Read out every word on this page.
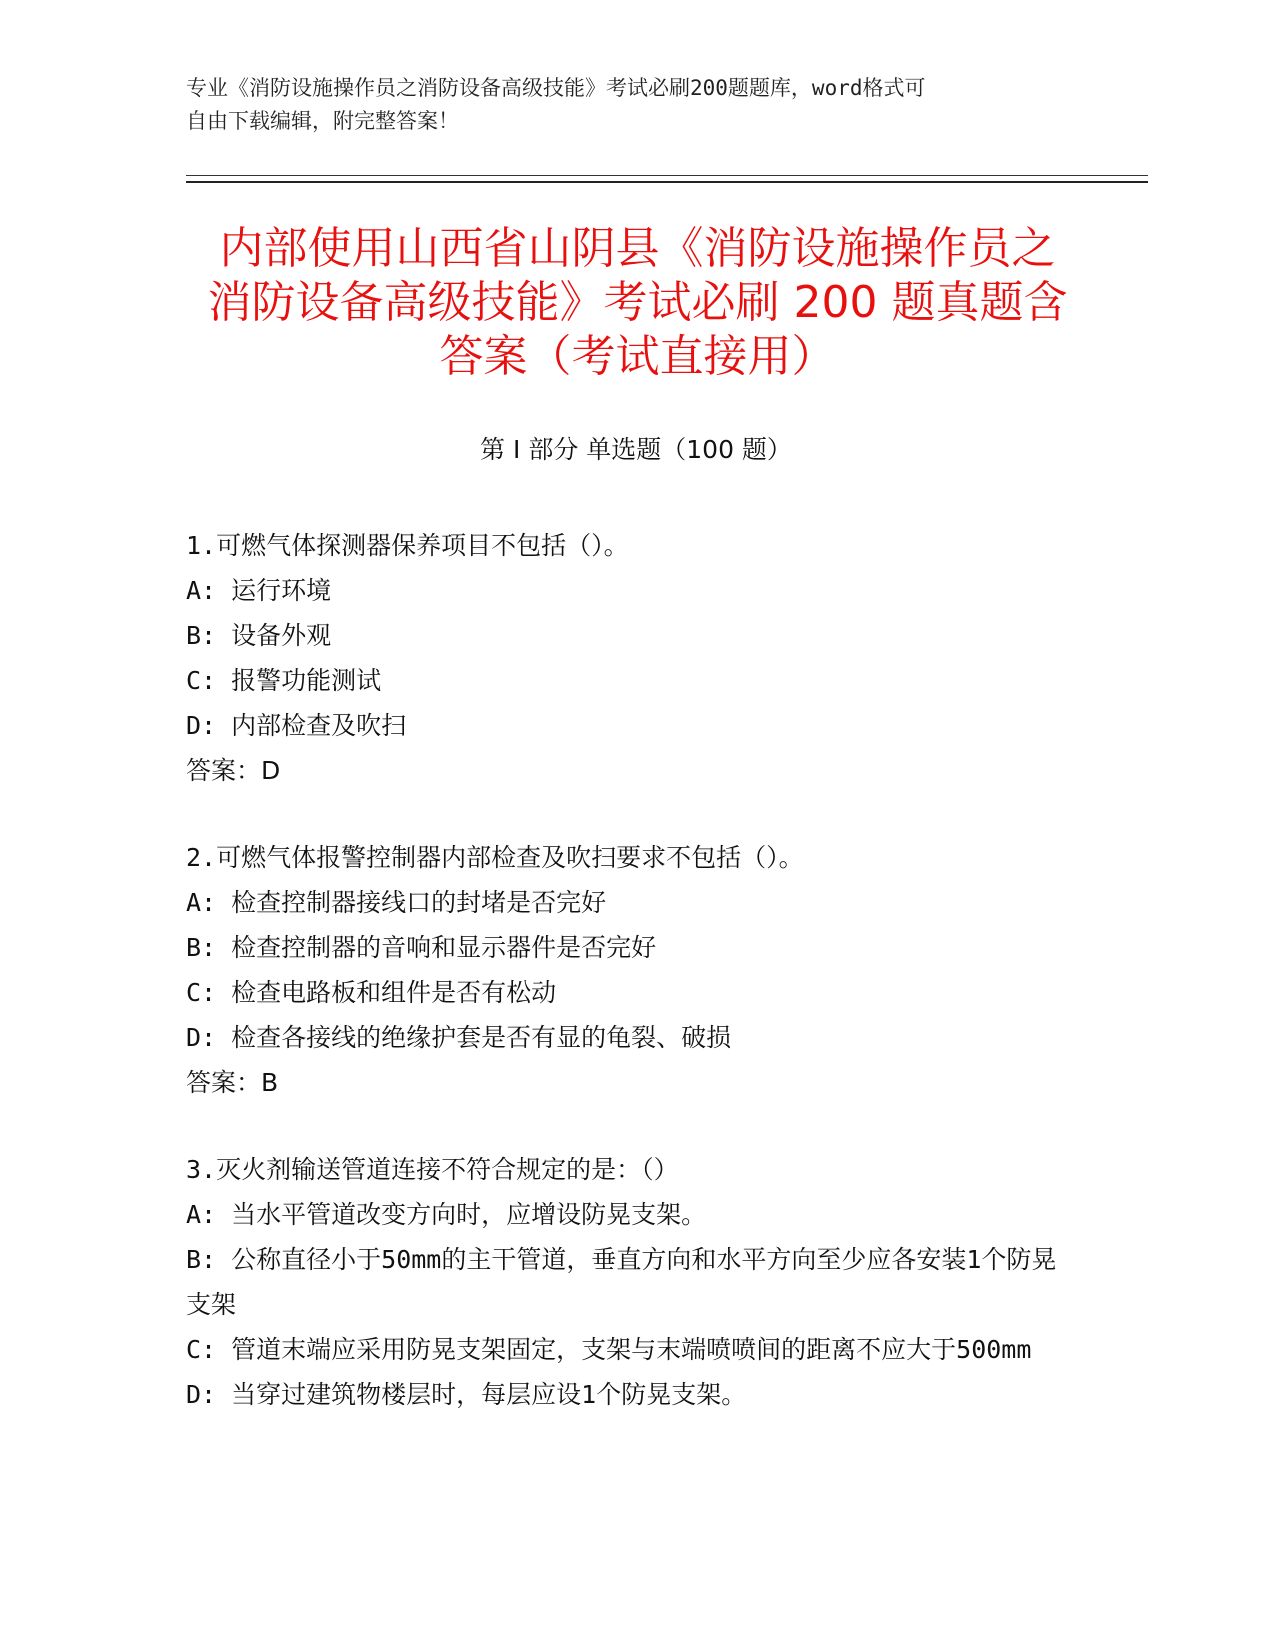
专业《消防设施操作员之消防设备高级技能》考试必刷200题题库，word格式可
自由下载编辑，附完整答案！
内部使用山西省山阴县《消防设施操作员之
消防设备高级技能》考试必刷 200 题真题含
答案（考试直接用）
第 I 部分 单选题（100 题）
1.可燃气体探测器保养项目不包括（）。
A: 运行环境
B: 设备外观
C: 报警功能测试
D: 内部检查及吹扫
答案：D
2.可燃气体报警控制器内部检查及吹扫要求不包括（）。
A: 检查控制器接线口的封堵是否完好
B: 检查控制器的音响和显示器件是否完好
C: 检查电路板和组件是否有松动
D: 检查各接线的绝缘护套是否有显的龟裂、破损
答案：B
3.灭火剂输送管道连接不符合规定的是：（）
A: 当水平管道改变方向时，应增设防晃支架。
B: 公称直径小于50mm的主干管道，垂直方向和水平方向至少应各安装1个防晃支架
C: 管道末端应采用防晃支架固定，支架与末端喷喷间的距离不应大于500mm
D: 当穿过建筑物楼层时，每层应设1个防晃支架。
